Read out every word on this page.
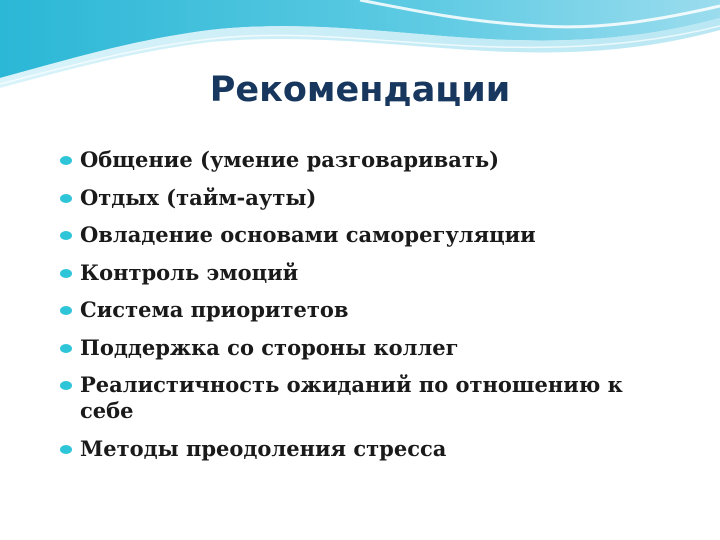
Рекомендации
Общение (умение разговаривать)
Отдых (тайм-ауты)
Овладение основами саморегуляции
Контроль эмоций
Система приоритетов
Поддержка со стороны коллег
Реалистичность ожиданий по отношению к себе
Методы преодоления стресса
